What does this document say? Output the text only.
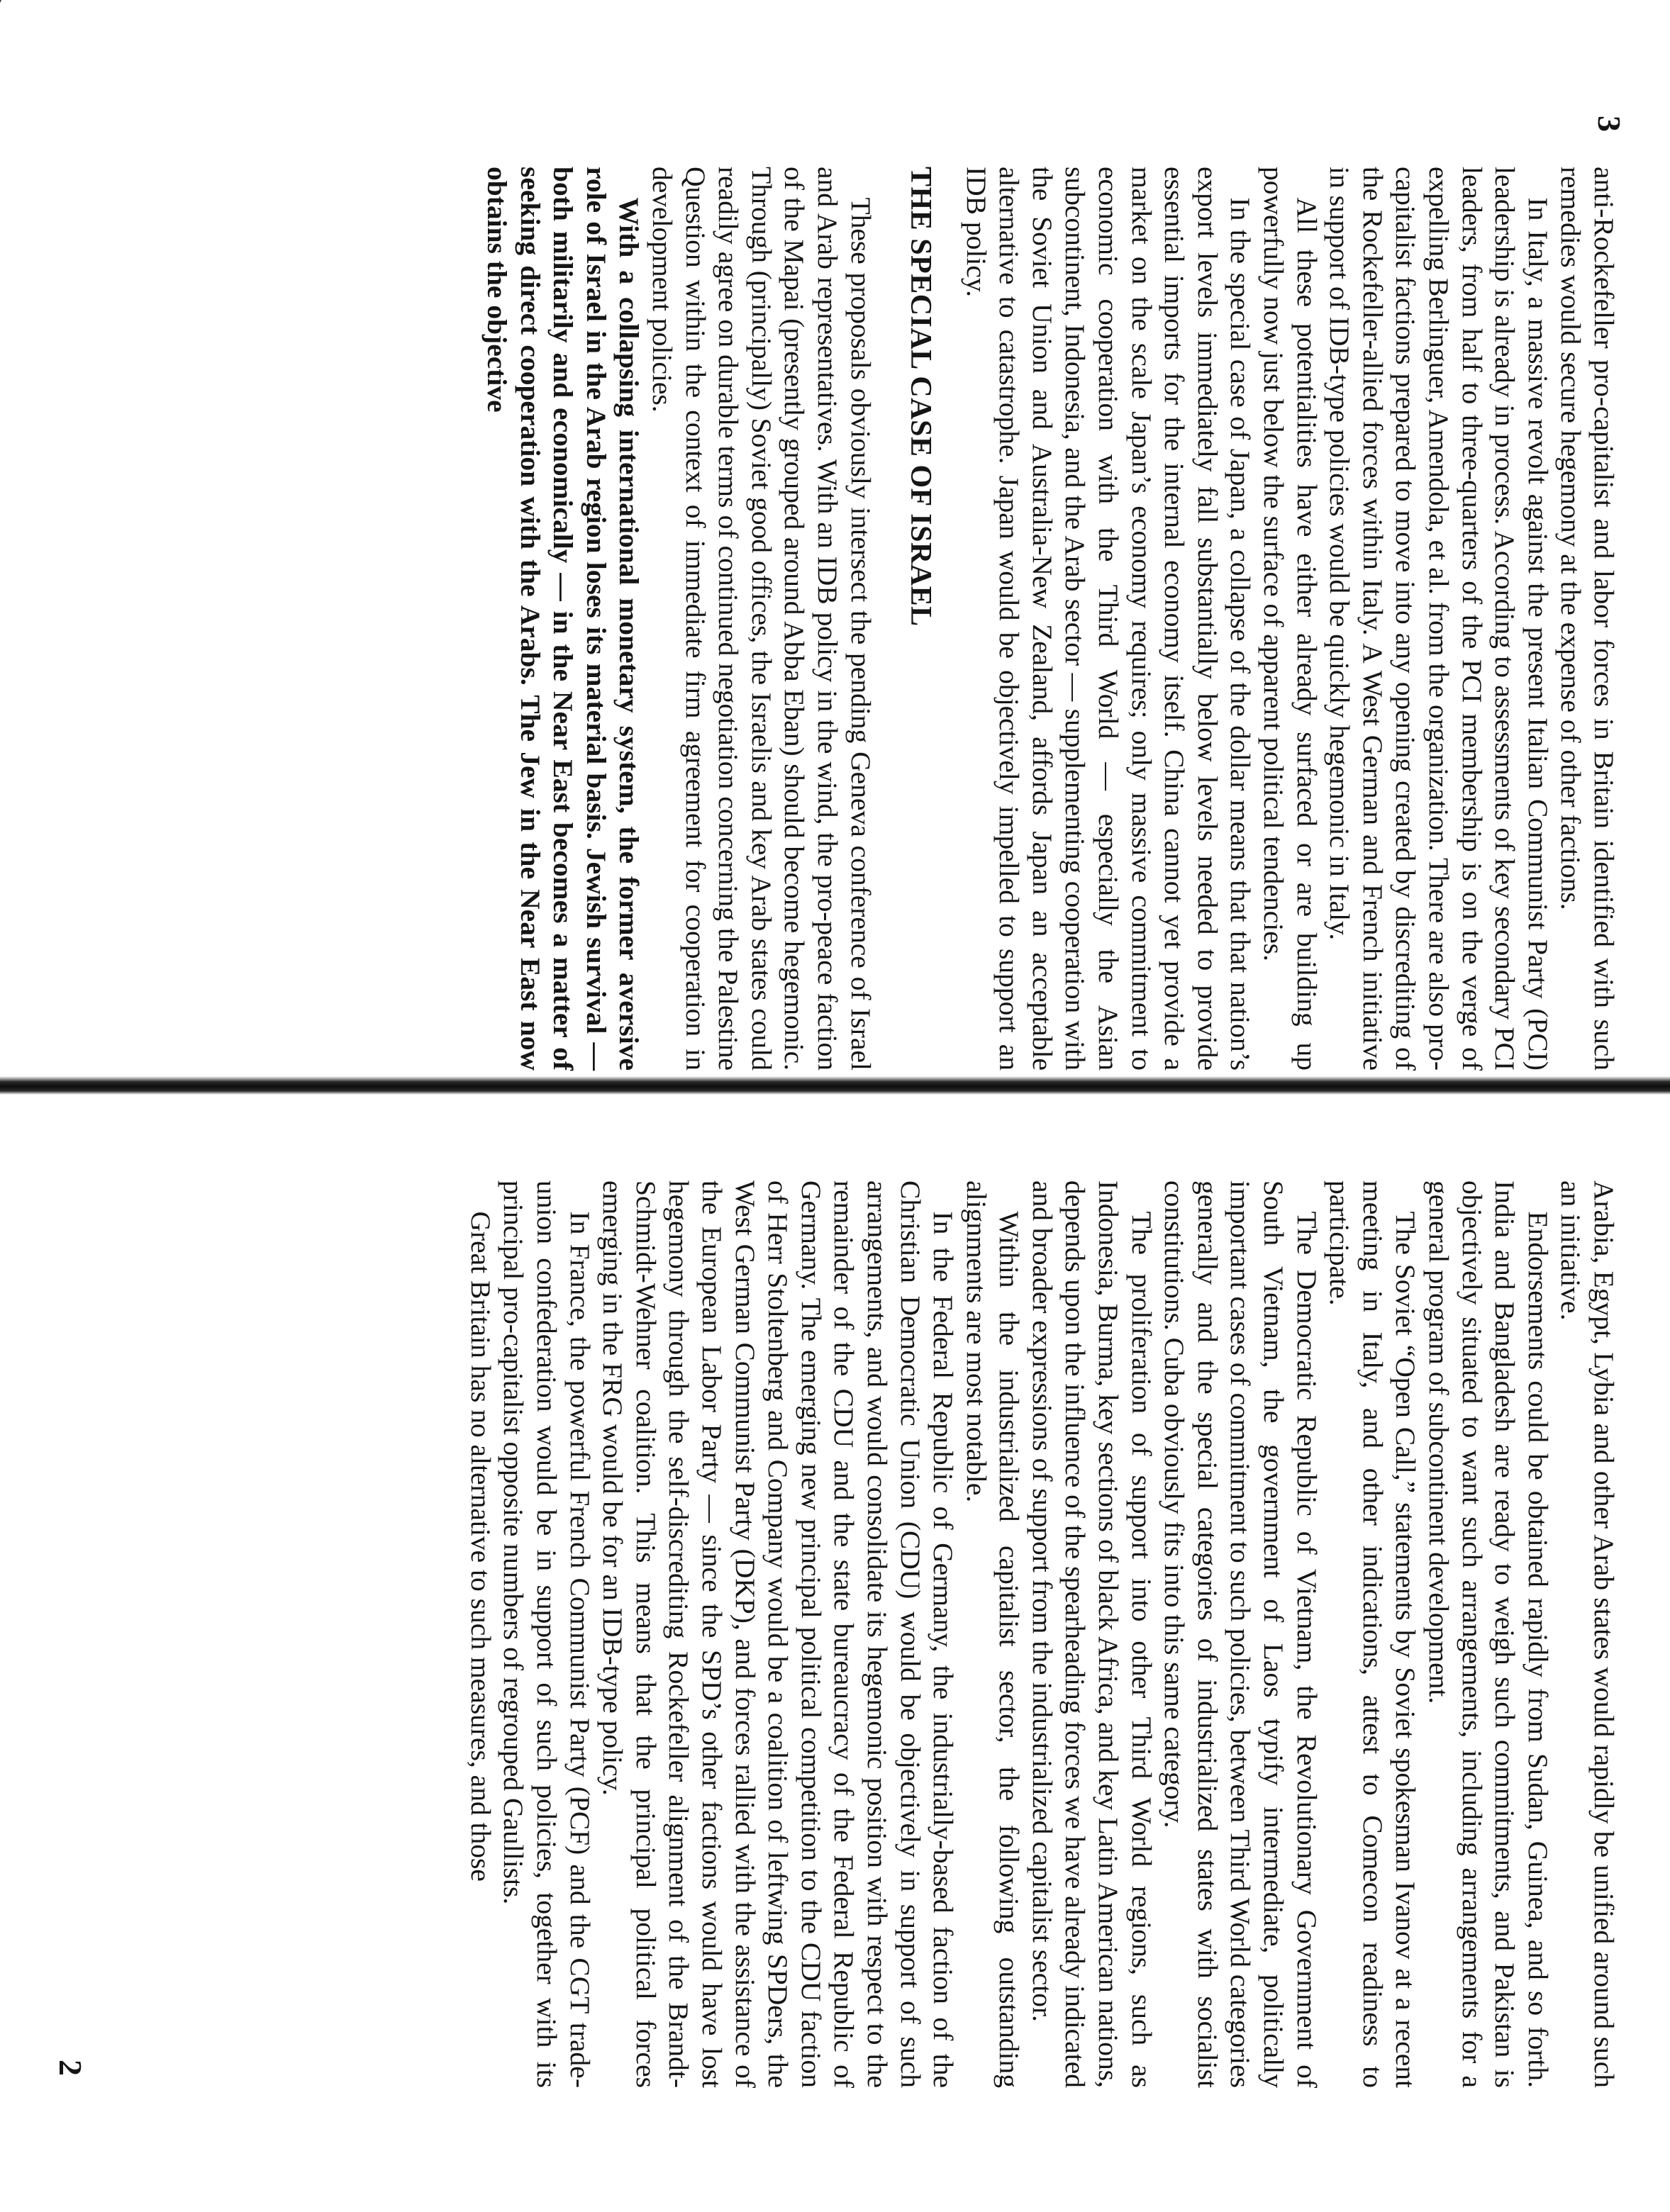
3

anti-Rockefeller pro-capitalist and labor forces in Britain identified with such remedies would secure hegemony at the expense of other factions.

In Italy, a massive revolt against the present Italian Communist Party (PCI) leadership is already in process. According to assessments of key secondary PCI leaders, from half to three-quarters of the PCI membership is on the verge of expelling Berlinguer, Amendola, et al. from the organization. There are also pro-capitalist factions prepared to move into any opening created by discrediting of the Rockefeller-allied forces within Italy. A West German and French initiative in support of IDB-type policies would be quickly hegemonic in Italy.

All these potentialities have either already surfaced or are building up powerfully now just below the surface of apparent political tendencies.

In the special case of Japan, a collapse of the dollar means that that nation’s export levels immediately fall substantially below levels needed to provide essential imports for the internal economy itself. China cannot yet provide a market on the scale Japan’s economy requires; only massive commitment to economic cooperation with the Third World — especially the Asian subcontinent, Indonesia, and the Arab sector — supplementing cooperation with the Soviet Union and Australia-New Zealand, affords Japan an acceptable alternative to catastrophe. Japan would be objectively impelled to support an IDB policy.

THE SPECIAL CASE OF ISRAEL

These proposals obviously intersect the pending Geneva conference of Israel and Arab representatives. With an IDB policy in the wind, the pro-peace faction of the Mapai (presently grouped around Abba Eban) should become hegemonic. Through (principally) Soviet good offices, the Israelis and key Arab states could readily agree on durable terms of continued negotiation concerning the Palestine Question within the context of immediate firm agreement for cooperation in development policies.

With a collapsing international monetary system, the former aversive role of Israel in the Arab region loses its material basis. Jewish survival — both militarily and economically — in the Near East becomes a matter of seeking direct cooperation with the Arabs. The Jew in the Near East now obtains the objective

2	Arabia, Egypt, Lybia and other Arab states would rapidly be unified around such an initiative.

Endorsements could be obtained rapidly from Sudan, Guinea, and so forth. India and Bangladesh are ready to weigh such commitments, and Pakistan is objectively situated to want such arrangements, including arrangements for a general program of subcontinent development.

The Soviet “Open Call,” statements by Soviet spokesman Ivanov at a recent meeting in Italy, and other indications, attest to Comecon readiness to participate.

The Democratic Republic of Vietnam, the Revolutionary Government of South Vietnam, the government of Laos typify intermediate, politically important cases of commitment to such policies, between Third World categories generally and the special categories of industrialized states with socialist constitutions. Cuba obviously fits into this same category.

The proliferation of support into other Third World regions, such as Indonesia, Burma, key sections of black Africa, and key Latin American nations, depends upon the influence of the spearheading forces we have already indicated and broader expressions of support from the industrialized capitalist sector.

Within the industrialized capitalist sector, the following outstanding alignments are most notable.

In the Federal Republic of Germany, the industrially-based faction of the Christian Democratic Union (CDU) would be objectively in support of such arrangements, and would consolidate its hegemonic position with respect to the remainder of the CDU and the state bureaucracy of the Federal Republic of Germany. The emerging new principal political competition to the CDU faction of Herr Stoltenberg and Company would be a coalition of leftwing SPDers, the West German Communist Party (DKP), and forces rallied with the assistance of the European Labor Party — since the SPD’s other factions would have lost hegemony through the self-discrediting Rockefeller alignment of the Brandt-Schmidt-Wehner coalition. This means that the principal political forces emerging in the FRG would be for an IDB-type policy.

In France, the powerful French Communist Party (PCF) and the CGT trade-union confederation would be in support of such policies, together with its principal pro-capitalist opposite numbers of regrouped Gaullists.

Great Britain has no alternative to such measures, and those
